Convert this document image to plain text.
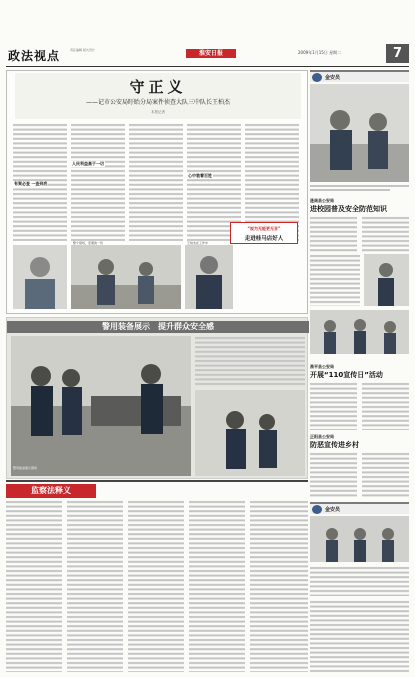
政法视点	责任编辑 版式设计	淮安日报	2009年1月15日 星期二	7
守正义
——记市公安局盱眙分局案件侦查大队三中队长王柏杰
本报记者
有案必查 一查到底
人民利益高于一切
心中装着百姓
整个现场，宏观的一切	王柏杰在工作中
“视为无能更无言”
走进桂马店好人
金安员
涟南县公安局
进校园普及安全防范知识
淮平县公安局
开展“110宣传日”活动
正阳县公安局
防恶宣传进乡村
金安员
警用装备展示　提升群众安全感
警用装备展示现场
监察法释义
